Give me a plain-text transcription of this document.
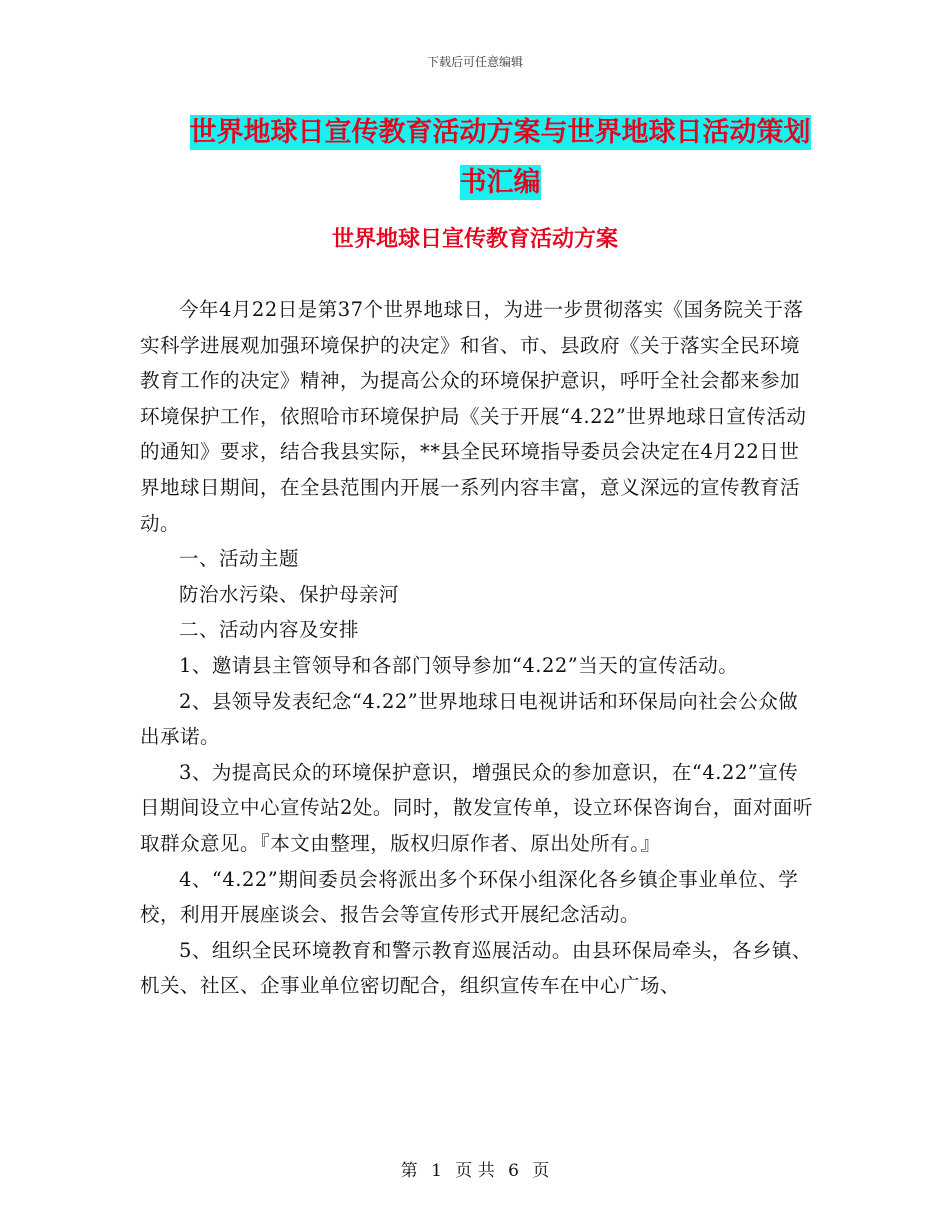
下载后可任意编辑
世界地球日宣传教育活动方案与世界地球日活动策划
书汇编
世界地球日宣传教育活动方案

今年4月22日是第37个世界地球日，为进一步贯彻落实《国务院关于落实科学进展观加强环境保护的决定》和省、市、县政府《关于落实全民环境教育工作的决定》精神，为提高公众的环境保护意识，呼吁全社会都来参加环境保护工作，依照哈市环境保护局《关于开展“4.22”世界地球日宣传活动的通知》要求，结合我县实际，**县全民环境指导委员会决定在4月22日世界地球日期间，在全县范围内开展一系列内容丰富，意义深远的宣传教育活动。

一、活动主题

防治水污染、保护母亲河

二、活动内容及安排

1、邀请县主管领导和各部门领导参加“4.22”当天的宣传活动。

2、县领导发表纪念“4.22”世界地球日电视讲话和环保局向社会公众做出承诺。

3、为提高民众的环境保护意识，增强民众的参加意识，在“4.22”宣传日期间设立中心宣传站2处。同时，散发宣传单，设立环保咨询台，面对面听取群众意见。『本文由整理，版权归原作者、原出处所有。』

4、“4.22”期间委员会将派出多个环保小组深化各乡镇企事业单位、学校，利用开展座谈会、报告会等宣传形式开展纪念活动。

5、组织全民环境教育和警示教育巡展活动。由县环保局牵头，各乡镇、机关、社区、企事业单位密切配合，组织宣传车在中心广场、

第 1 页 共 6 页
